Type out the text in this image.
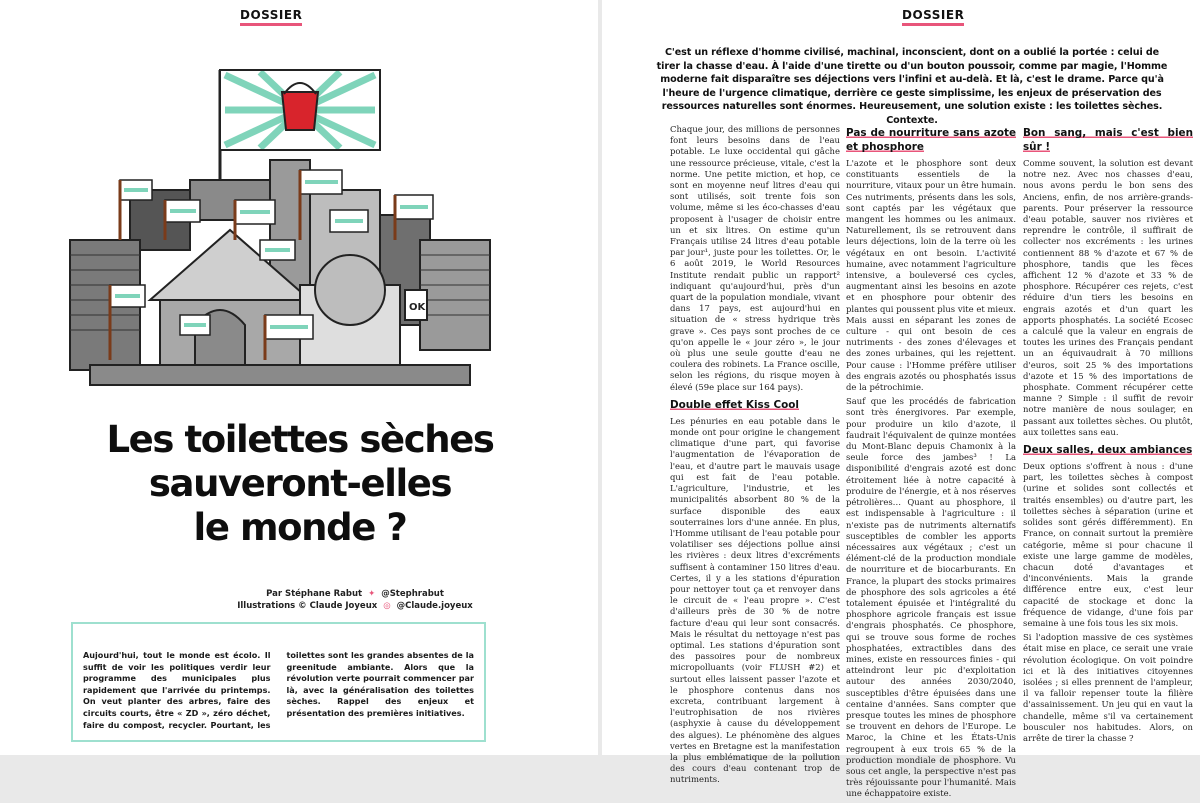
DOSSIER
OK
Les toilettes sèches
sauveront-elles
le monde ?
Par Stéphane Rabut ✦ @Stephrabut
Illustrations © Claude Joyeux ◎ @Claude.joyeux

Aujourd'hui, tout le monde est écolo. Il suffit de voir les politiques verdir leur programme des municipales plus rapidement que l'arrivée du printemps. On veut planter des arbres, faire des circuits courts, être « ZD », zéro déchet, faire du compost, recycler. Pourtant, les toilettes sont les grandes absentes de la greenitude ambiante. Alors que la révolution verte pourrait commencer par là, avec la généralisation des toilettes sèches. Rappel des enjeux et présentation des premières initiatives.

DOSSIER

C'est un réflexe d'homme civilisé, machinal, inconscient, dont on a oublié la portée : celui de tirer la chasse d'eau. À l'aide d'une tirette ou d'un bouton poussoir, comme par magie, l'Homme moderne fait disparaître ses déjections vers l'infini et au-delà. Et là, c'est le drame. Parce qu'à l'heure de l'urgence climatique, derrière ce geste simplissime, les enjeux de préservation des ressources naturelles sont énormes. Heureusement, une solution existe : les toilettes sèches. Contexte.

Chaque jour, des millions de personnes font leurs besoins dans de l'eau potable. Le luxe occidental qui gâche une ressource précieuse, vitale, c'est la norme. Une petite miction, et hop, ce sont en moyenne neuf litres d'eau qui sont utilisés, soit trente fois son volume, même si les éco-chasses d'eau proposent à l'usager de choisir entre un et six litres. On estime qu'un Français utilise 24 litres d'eau potable par jour¹, juste pour les toilettes. Or, le 6 août 2019, le World Resources Institute rendait public un rapport² indiquant qu'aujourd'hui, près d'un quart de la population mondiale, vivant dans 17 pays, est aujourd'hui en situation de « stress hydrique très grave ». Ces pays sont proches de ce qu'on appelle le « jour zéro », le jour où plus une seule goutte d'eau ne coulera des robinets. La France oscille, selon les régions, du risque moyen à élevé (59e place sur 164 pays).

Double effet Kiss Cool

Les pénuries en eau potable dans le monde ont pour origine le changement climatique d'une part, qui favorise l'augmentation de l'évaporation de l'eau, et d'autre part le mauvais usage qui est fait de l'eau potable. L'agriculture, l'industrie, et les municipalités absorbent 80 % de la surface disponible des eaux souterraines lors d'une année. En plus, l'Homme utilisant de l'eau potable pour volatiliser ses déjections pollue ainsi les rivières : deux litres d'excréments suffisent à contaminer 150 litres d'eau. Certes, il y a les stations d'épuration pour nettoyer tout ça et renvoyer dans le circuit de « l'eau propre ». C'est d'ailleurs près de 30 % de notre facture d'eau qui leur sont consacrés. Mais le résultat du nettoyage n'est pas optimal. Les stations d'épuration sont des passoires pour de nombreux micropolluants (voir FLUSH #2) et surtout elles laissent passer l'azote et le phosphore contenus dans nos excreta, contribuant largement à l'eutrophisation de nos rivières (asphyxie à cause du développement des algues). Le phénomène des algues vertes en Bretagne est la manifestation la plus emblématique de la pollution des cours d'eau contenant trop de nutriments.

Pas de nourriture sans azote et phosphore

L'azote et le phosphore sont deux constituants essentiels de la nourriture, vitaux pour un être humain. Ces nutriments, présents dans les sols, sont captés par les végétaux que mangent les hommes ou les animaux. Naturellement, ils se retrouvent dans leurs déjections, loin de la terre où les végétaux en ont besoin. L'activité humaine, avec notamment l'agriculture intensive, a bouleversé ces cycles, augmentant ainsi les besoins en azote et en phosphore pour obtenir des plantes qui poussent plus vite et mieux. Mais aussi en séparant les zones de culture - qui ont besoin de ces nutriments - des zones d'élevages et des zones urbaines, qui les rejettent. Pour cause : l'Homme préfère utiliser des engrais azotés ou phosphatés issus de la pétrochimie.

Sauf que les procédés de fabrication sont très énergivores. Par exemple, pour produire un kilo d'azote, il faudrait l'équivalent de quinze montées du Mont-Blanc depuis Chamonix à la seule force des jambes³ ! La disponibilité d'engrais azoté est donc étroitement liée à notre capacité à produire de l'énergie, et à nos réserves pétrolières… Quant au phosphore, il est indispensable à l'agriculture : il n'existe pas de nutriments alternatifs susceptibles de combler les apports nécessaires aux végétaux ; c'est un élément-clé de la production mondiale de nourriture et de biocarburants. En France, la plupart des stocks primaires de phosphore des sols agricoles a été totalement épuisée et l'intégralité du phosphore agricole français est issue d'engrais phosphatés. Ce phosphore, qui se trouve sous forme de roches phosphatées, extractibles dans des mines, existe en ressources finies - qui atteindront leur pic d'exploitation autour des années 2030/2040, susceptibles d'être épuisées dans une centaine d'années. Sans compter que presque toutes les mines de phosphore se trouvent en dehors de l'Europe. Le Maroc, la Chine et les États-Unis regroupent à eux trois 65 % de la production mondiale de phosphore. Vu sous cet angle, la perspective n'est pas très réjouissante pour l'humanité. Mais une échappatoire existe.

Bon sang, mais c'est bien sûr !

Comme souvent, la solution est devant notre nez. Avec nos chasses d'eau, nous avons perdu le bon sens des Anciens, enfin, de nos arrière-grands-parents. Pour préserver la ressource d'eau potable, sauver nos rivières et reprendre le contrôle, il suffirait de collecter nos excréments : les urines contiennent 88 % d'azote et 67 % de phosphore, tandis que les fèces affichent 12 % d'azote et 33 % de phosphore. Récupérer ces rejets, c'est réduire d'un tiers les besoins en engrais azotés et d'un quart les apports phosphatés. La société Ecosec a calculé que la valeur en engrais de toutes les urines des Français pendant un an équivaudrait à 70 millions d'euros, soit 25 % des importations d'azote et 15 % des importations de phosphate. Comment récupérer cette manne ? Simple : il suffit de revoir notre manière de nous soulager, en passant aux toilettes sèches. Ou plutôt, aux toilettes sans eau.

Deux salles, deux ambiances

Deux options s'offrent à nous : d'une part, les toilettes sèches à compost (urine et solides sont collectés et traités ensembles) ou d'autre part, les toilettes sèches à séparation (urine et solides sont gérés différemment). En France, on connait surtout la première catégorie, même si pour chacune il existe une large gamme de modèles, chacun doté d'avantages et d'inconvénients. Mais la grande différence entre eux, c'est leur capacité de stockage et donc la fréquence de vidange, d'une fois par semaine à une fois tous les six mois.

Si l'adoption massive de ces systèmes était mise en place, ce serait une vraie révolution écologique. On voit poindre ici et là des initiatives citoyennes isolées ; si elles prennent de l'ampleur, il va falloir repenser toute la filière d'assainissement. Un jeu qui en vaut la chandelle, même s'il va certainement bousculer nos habitudes. Alors, on arrête de tirer la chasse ?
